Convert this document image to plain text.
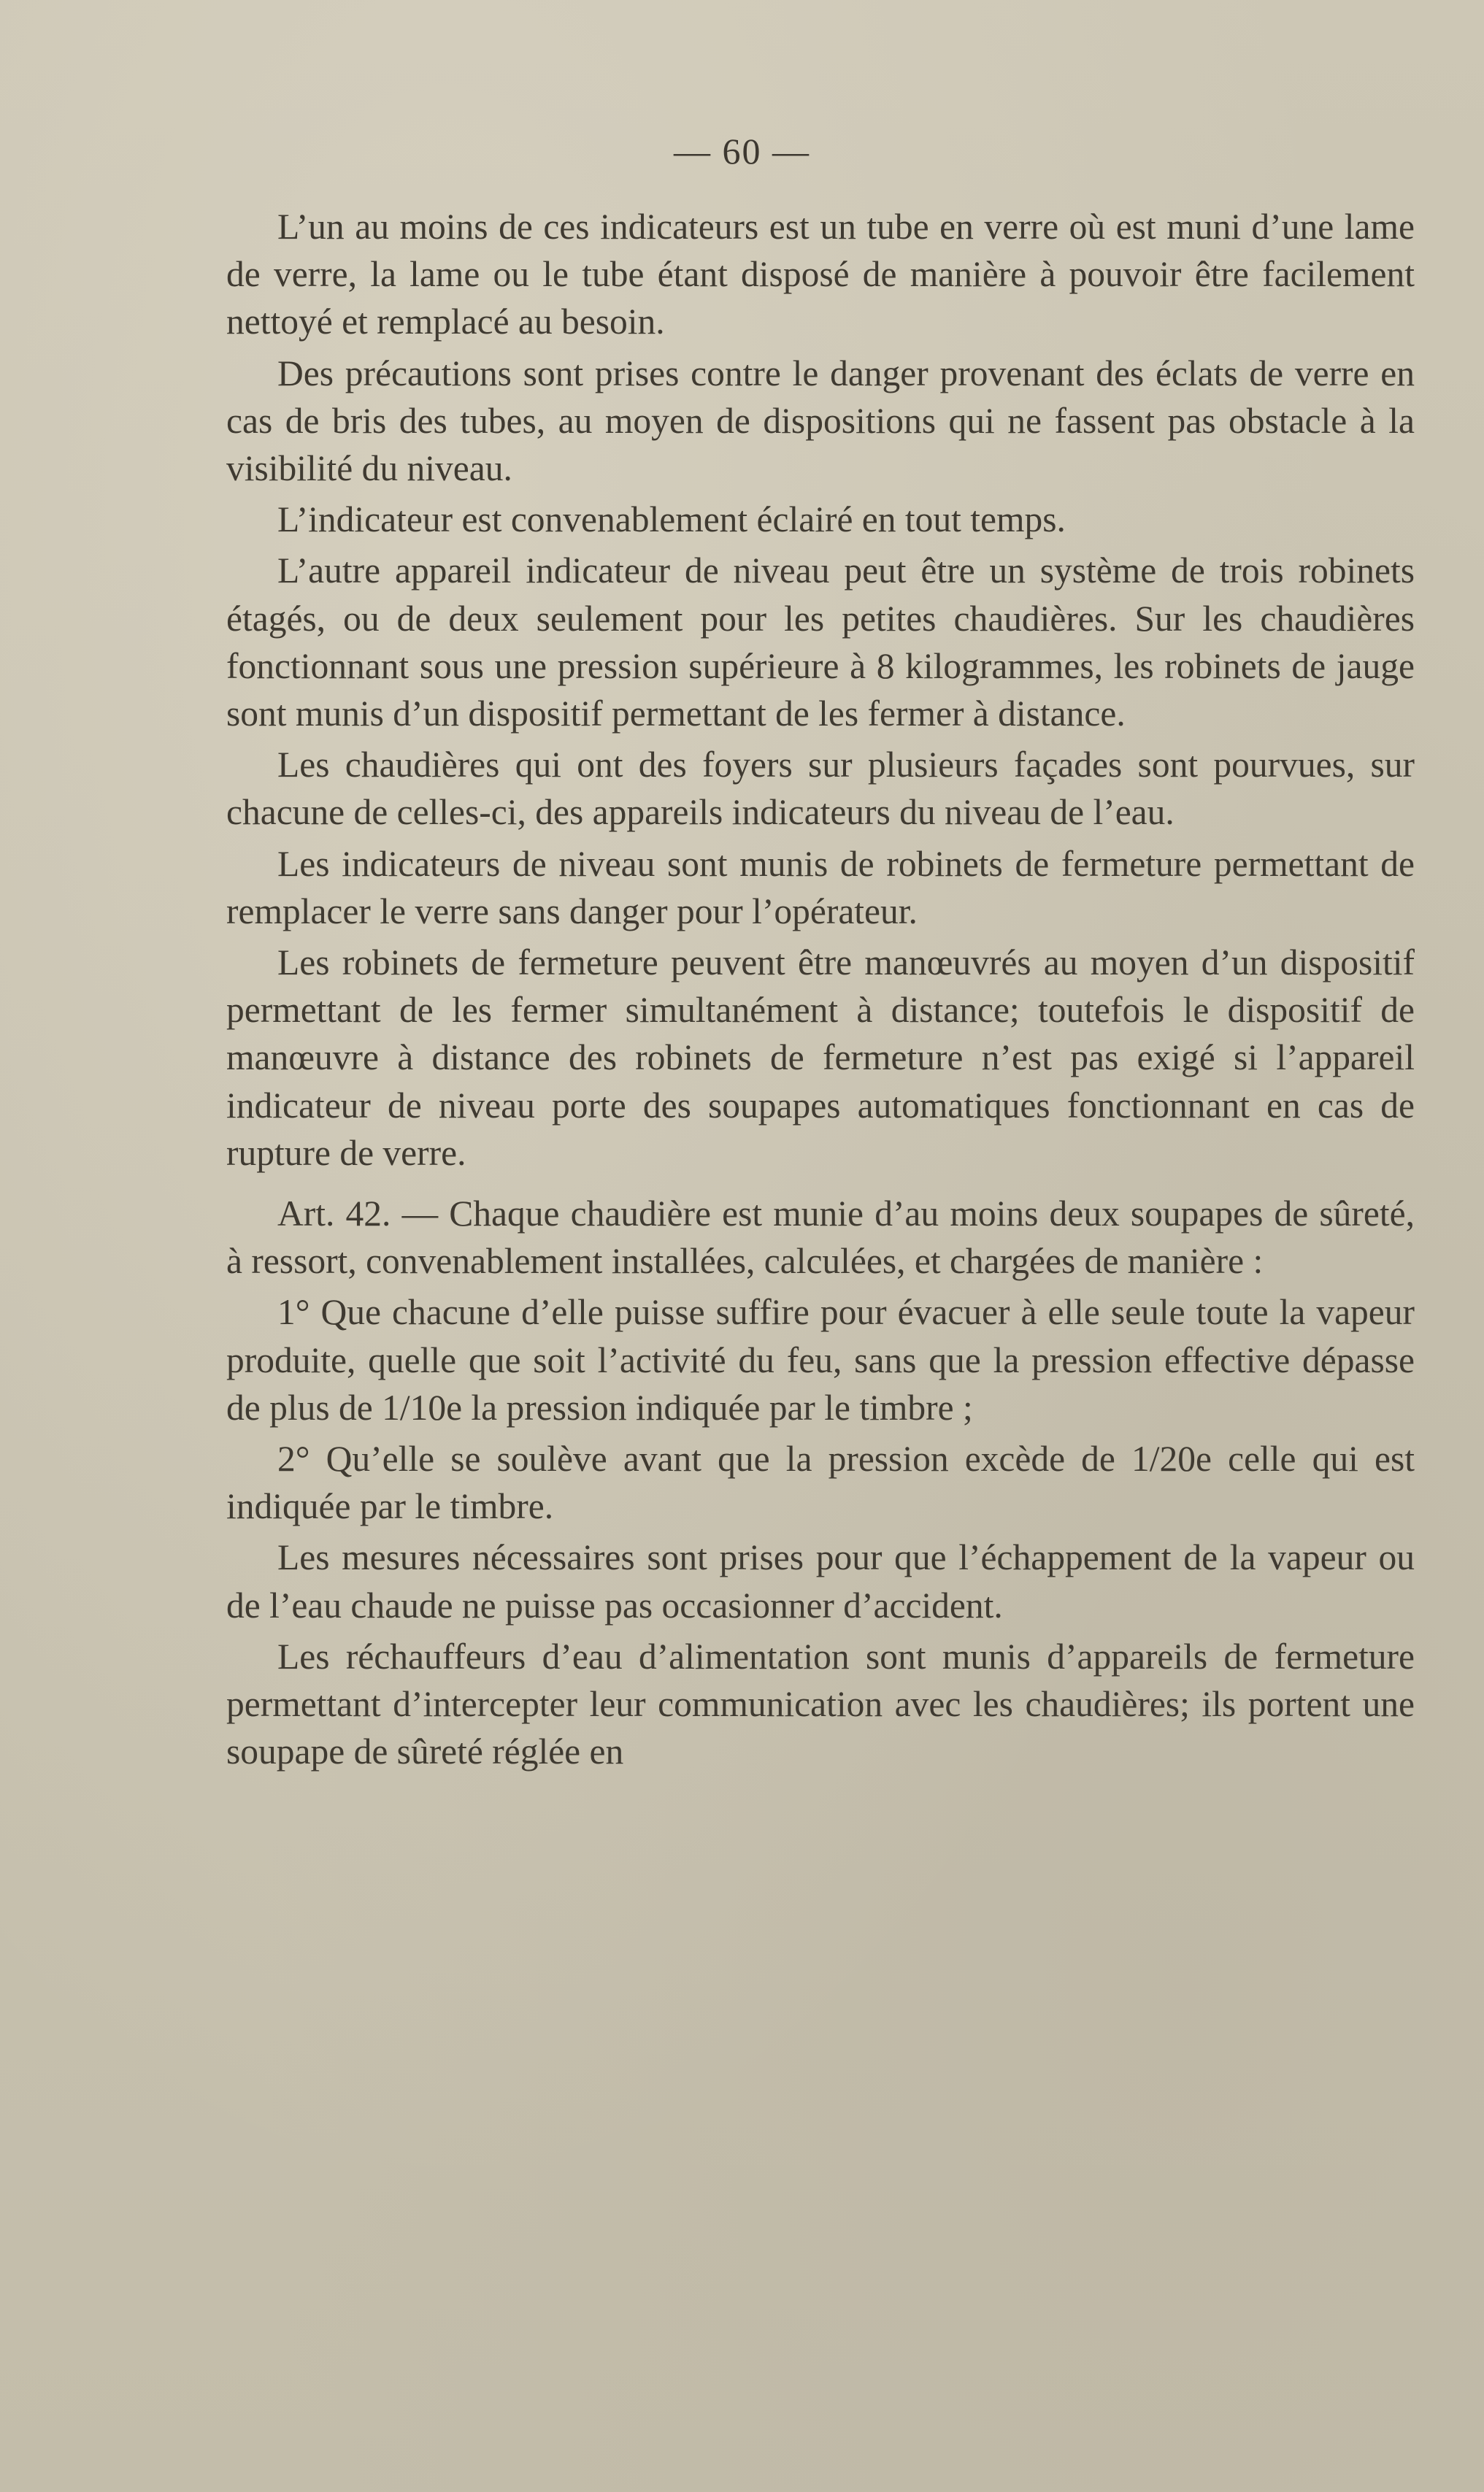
— 60 —

L’un au moins de ces indicateurs est un tube en verre où est muni d’une lame de verre, la lame ou le tube étant disposé de manière à pouvoir être facilement nettoyé et remplacé au besoin.

Des précautions sont prises contre le danger provenant des éclats de verre en cas de bris des tubes, au moyen de dispositions qui ne fassent pas obstacle à la visibilité du niveau.

L’indicateur est convenablement éclairé en tout temps.

L’autre appareil indicateur de niveau peut être un système de trois robinets étagés, ou de deux seulement pour les petites chaudières. Sur les chaudières fonctionnant sous une pression supérieure à 8 kilogrammes, les robinets de jauge sont munis d’un dispositif permettant de les fermer à distance.

Les chaudières qui ont des foyers sur plusieurs façades sont pourvues, sur chacune de celles-ci, des appareils indicateurs du niveau de l’eau.

Les indicateurs de niveau sont munis de robinets de fermeture permettant de remplacer le verre sans danger pour l’opérateur.

Les robinets de fermeture peuvent être manœuvrés au moyen d’un dispositif permettant de les fermer simultanément à distance; toutefois le dispositif de manœuvre à distance des robinets de fermeture n’est pas exigé si l’appareil indicateur de niveau porte des soupapes automatiques fonctionnant en cas de rupture de verre.

Art. 42. — Chaque chaudière est munie d’au moins deux soupapes de sûreté, à ressort, convenablement installées, calculées, et chargées de manière :

1° Que chacune d’elle puisse suffire pour évacuer à elle seule toute la vapeur produite, quelle que soit l’activité du feu, sans que la pression effective dépasse de plus de 1/10e la pression indiquée par le timbre ;

2° Qu’elle se soulève avant que la pression excède de 1/20e celle qui est indiquée par le timbre.

Les mesures nécessaires sont prises pour que l’échappement de la vapeur ou de l’eau chaude ne puisse pas occasionner d’accident.

Les réchauffeurs d’eau d’alimentation sont munis d’appareils de fermeture permettant d’intercepter leur communication avec les chaudières; ils portent une soupape de sûreté réglée en
